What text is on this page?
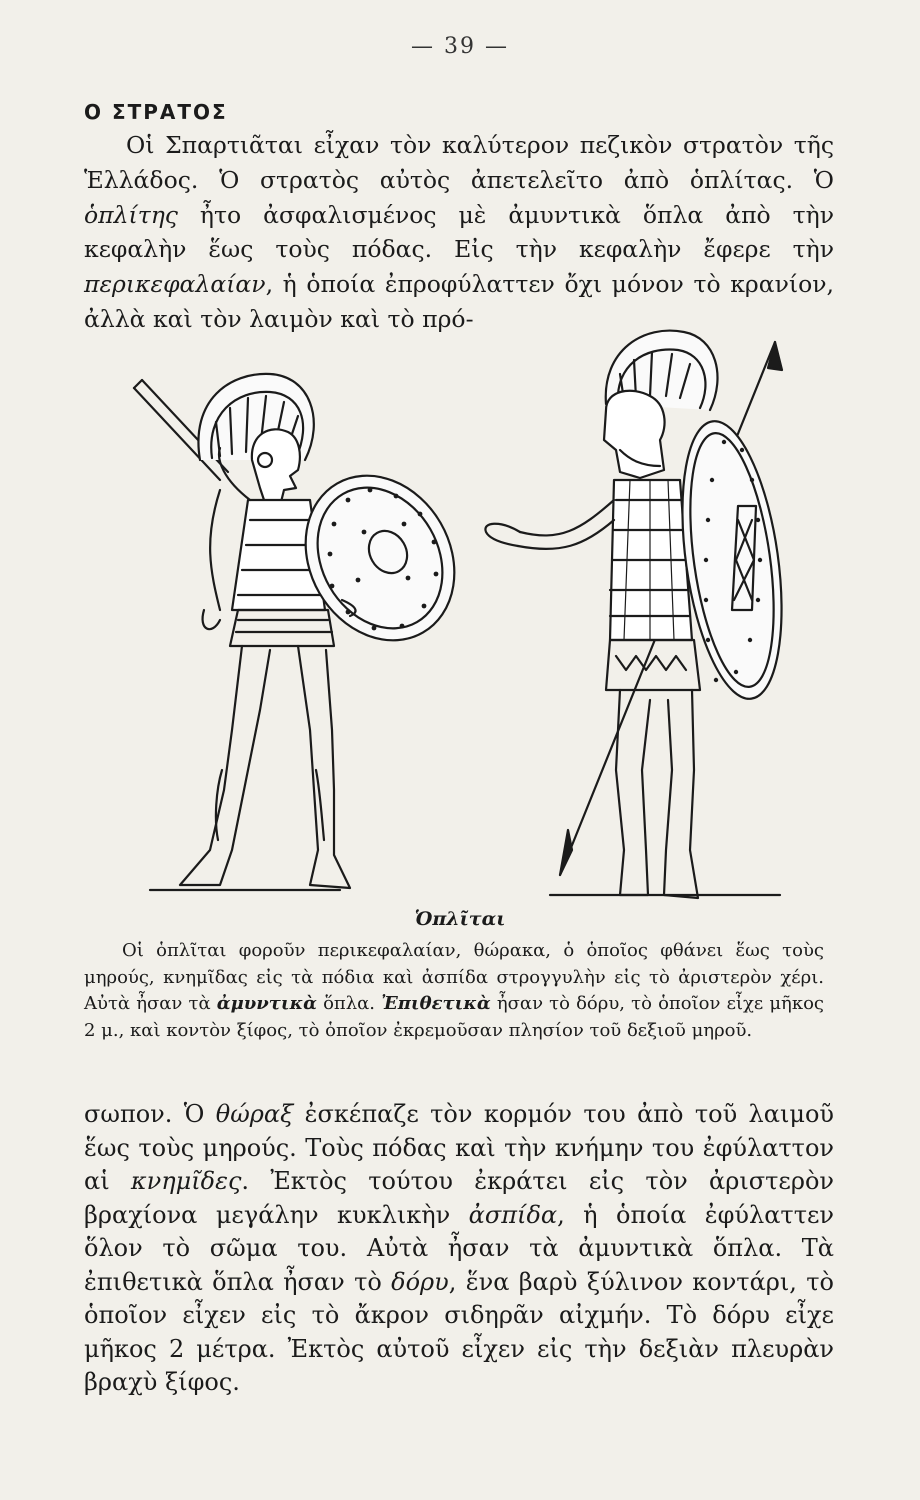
— 39 —
Ο ΣΤΡΑΤΟΣ

Οἱ Σπαρτιᾶται εἶχαν τὸν καλύτερον πεζικὸν στρατὸν τῆς Ἑλλάδος. Ὁ στρατὸς αὐτὸς ἀπετελεῖτο ἀπὸ ὁπλίτας. Ὁ ὁπλίτης ἦτο ἀσφαλισμένος μὲ ἀμυντικὰ ὅπλα ἀπὸ τὴν κεφαλὴν ἕως τοὺς πόδας. Εἰς τὴν κεφαλὴν ἔφερε τὴν περικεφαλαίαν, ἡ ὁποία ἐπροφύλαττεν ὄχι μόνον τὸ κρανίον, ἀλλὰ καὶ τὸν λαιμὸν καὶ τὸ πρό-

Ὁπλῖται

Οἱ ὁπλῖται φοροῦν περικεφαλαίαν, θώρακα, ὁ ὁποῖος φθάνει ἕως τοὺς μηρούς, κνημῖδας εἰς τὰ πόδια καὶ ἀσπίδα στρογγυλὴν εἰς τὸ ἀριστερὸν χέρι. Αὐτὰ ἦσαν τὰ ἀμυντικὰ ὅπλα. Ἐπιθετικὰ ἦσαν τὸ δόρυ, τὸ ὁποῖον εἶχε μῆκος 2 μ., καὶ κοντὸν ξίφος, τὸ ὁποῖον ἐκρεμοῦσαν πλησίον τοῦ δεξιοῦ μηροῦ.

σωπον. Ὁ θώραξ ἐσκέπαζε τὸν κορμόν του ἀπὸ τοῦ λαιμοῦ ἕως τοὺς μηρούς. Τοὺς πόδας καὶ τὴν κνήμην του ἐφύλαττον αἱ κνημῖδες. Ἐκτὸς τούτου ἐκράτει εἰς τὸν ἀριστερὸν βραχίονα μεγάλην κυκλικὴν ἀσπίδα, ἡ ὁποία ἐφύλαττεν ὅλον τὸ σῶμα του. Αὐτὰ ἦσαν τὰ ἀμυντικὰ ὅπλα. Τὰ ἐπιθετικὰ ὅπλα ἦσαν τὸ δόρυ, ἕνα βαρὺ ξύλινον κοντάρι, τὸ ὁποῖον εἶχεν εἰς τὸ ἄκρον σιδηρᾶν αἰχμήν. Τὸ δόρυ εἶχε μῆκος 2 μέτρα. Ἐκτὸς αὐτοῦ εἶχεν εἰς τὴν δεξιὰν πλευρὰν βραχὺ ξίφος.
